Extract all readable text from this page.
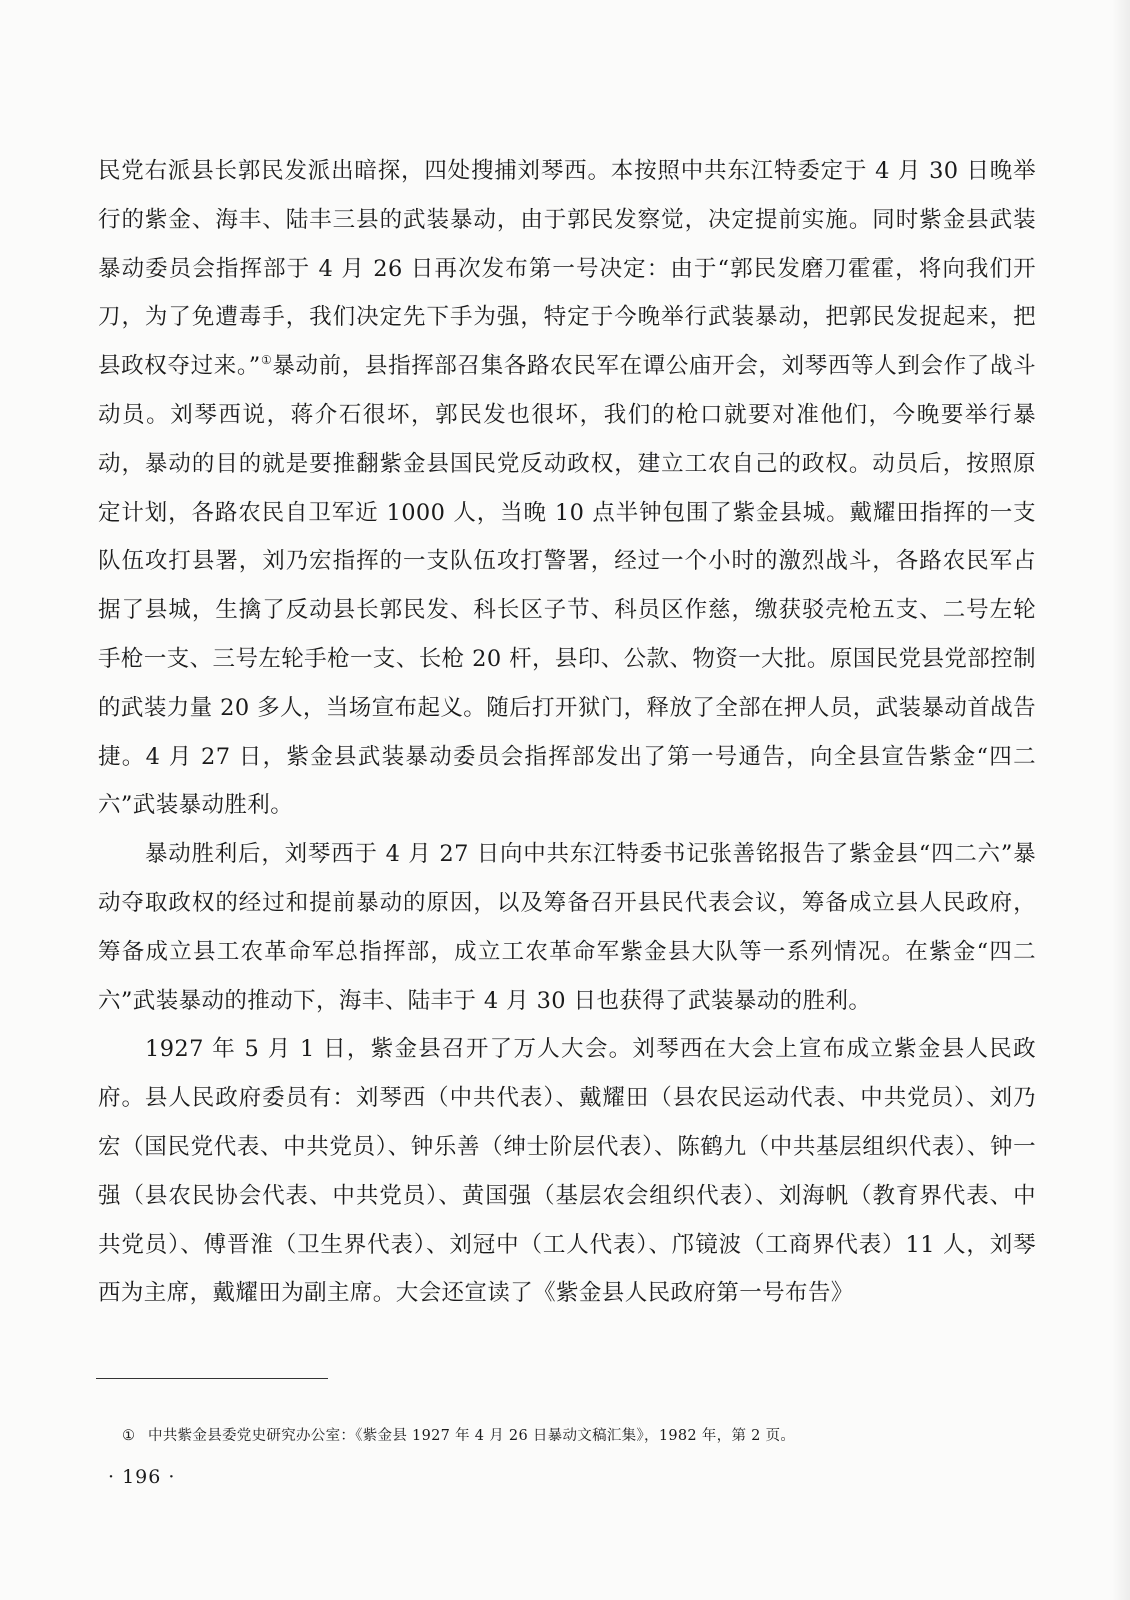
民党右派县长郭民发派出暗探，四处搜捕刘琴西。本按照中共东江特委定于 4 月 30 日晚举行的紫金、海丰、陆丰三县的武装暴动，由于郭民发察觉，决定提前实施。同时紫金县武装暴动委员会指挥部于 4 月 26 日再次发布第一号决定：由于“郭民发磨刀霍霍，将向我们开刀，为了免遭毒手，我们决定先下手为强，特定于今晚举行武装暴动，把郭民发捉起来，把县政权夺过来。”①暴动前，县指挥部召集各路农民军在谭公庙开会，刘琴西等人到会作了战斗动员。刘琴西说，蒋介石很坏，郭民发也很坏，我们的枪口就要对准他们，今晚要举行暴动，暴动的目的就是要推翻紫金县国民党反动政权，建立工农自己的政权。动员后，按照原定计划，各路农民自卫军近 1000 人，当晚 10 点半钟包围了紫金县城。戴耀田指挥的一支队伍攻打县署，刘乃宏指挥的一支队伍攻打警署，经过一个小时的激烈战斗，各路农民军占据了县城，生擒了反动县长郭民发、科长区子节、科员区作慈，缴获驳壳枪五支、二号左轮手枪一支、三号左轮手枪一支、长枪 20 杆，县印、公款、物资一大批。原国民党县党部控制的武装力量 20 多人，当场宣布起义。随后打开狱门，释放了全部在押人员，武装暴动首战告捷。4 月 27 日，紫金县武装暴动委员会指挥部发出了第一号通告，向全县宣告紫金“四二六”武装暴动胜利。

暴动胜利后，刘琴西于 4 月 27 日向中共东江特委书记张善铭报告了紫金县“四二六”暴动夺取政权的经过和提前暴动的原因，以及筹备召开县民代表会议，筹备成立县人民政府，筹备成立县工农革命军总指挥部，成立工农革命军紫金县大队等一系列情况。在紫金“四二六”武装暴动的推动下，海丰、陆丰于 4 月 30 日也获得了武装暴动的胜利。

1927 年 5 月 1 日，紫金县召开了万人大会。刘琴西在大会上宣布成立紫金县人民政府。县人民政府委员有：刘琴西（中共代表）、戴耀田（县农民运动代表、中共党员）、刘乃宏（国民党代表、中共党员）、钟乐善（绅士阶层代表）、陈鹤九（中共基层组织代表）、钟一强（县农民协会代表、中共党员）、黄国强（基层农会组织代表）、刘海帆（教育界代表、中共党员）、傅晋淮（卫生界代表）、刘冠中（工人代表）、邝镜波（工商界代表）11 人，刘琴西为主席，戴耀田为副主席。大会还宣读了《紫金县人民政府第一号布告》

① 中共紫金县委党史研究办公室：《紫金县 1927 年 4 月 26 日暴动文稿汇集》，1982 年，第 2 页。
· 196 ·
